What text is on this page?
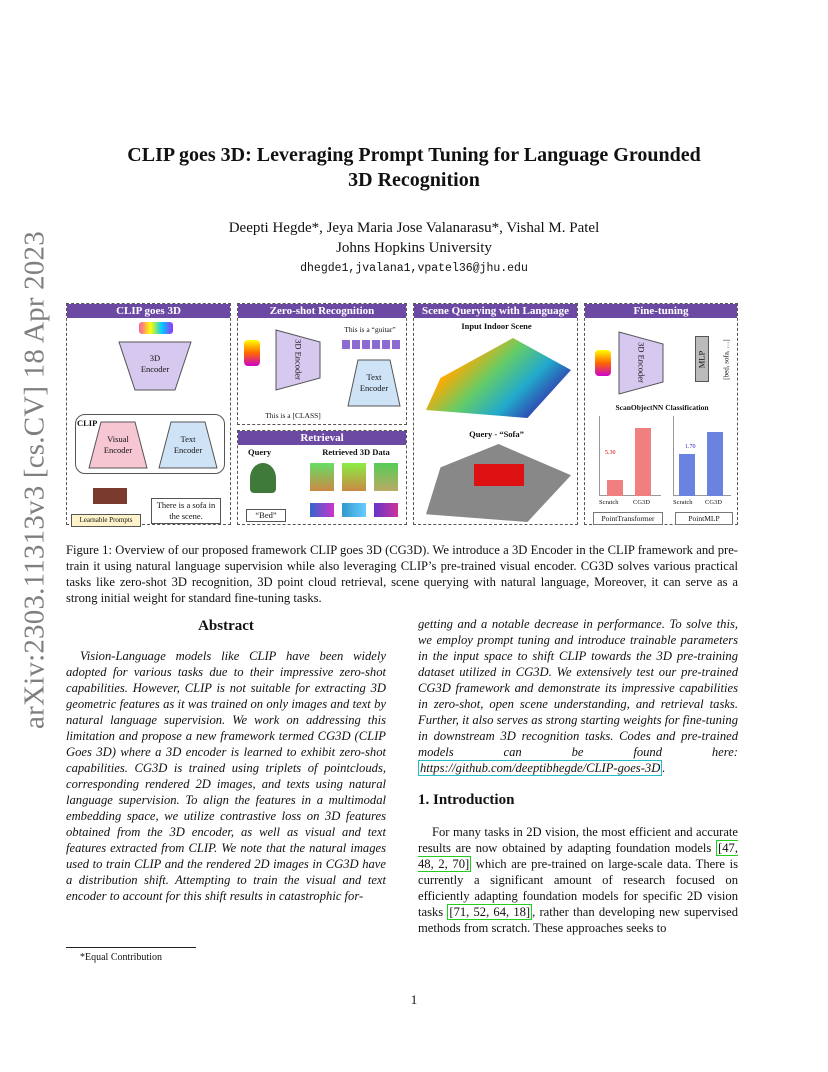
arXiv:2303.11313v3 [cs.CV] 18 Apr 2023
CLIP goes 3D: Leveraging Prompt Tuning for Language Grounded
3D Recognition
Deepti Hegde*, Jeya Maria Jose Valanarasu*, Vishal M. Patel
Johns Hopkins University
dhegde1,jvalana1,vpatel36@jhu.edu
CLIP goes 3D
3D
Encoder
CLIP
Visual
Encoder
Text
Encoder
There is a sofa in the scene.
Learnable Prompts
Zero-shot Recognition
3D Encoder
This is a “guitar”
Text
Encoder
This is a [CLASS]
Retrieval
Query	Retrieved 3D Data
“Bed”
Scene Querying with Language
Input Indoor Scene
Query - “Sofa”
Fine-tuning
3D Encoder	MLP [bed, sofa, …]
ScanObjectNN Classification
5.30
Scratch CG3D
PointTransformer
1.70
Scratch CG3D
PointMLP
Figure 1: Overview of our proposed framework CLIP goes 3D (CG3D). We introduce a 3D Encoder in the CLIP framework and pre-train it using natural language supervision while also leveraging CLIP’s pre-trained visual encoder. CG3D solves various practical tasks like zero-shot 3D recognition, 3D point cloud retrieval, scene querying with natural language, Moreover, it can serve as a strong initial weight for standard fine-tuning tasks.
Abstract

Vision-Language models like CLIP have been widely adopted for various tasks due to their impressive zero-shot capabilities. However, CLIP is not suitable for extracting 3D geometric features as it was trained on only images and text by natural language supervision. We work on addressing this limitation and propose a new framework termed CG3D (CLIP Goes 3D) where a 3D encoder is learned to exhibit zero-shot capabilities. CG3D is trained using triplets of pointclouds, corresponding rendered 2D images, and texts using natural language supervision. To align the features in a multimodal embedding space, we utilize contrastive loss on 3D features obtained from the 3D encoder, as well as visual and text features extracted from CLIP. We note that the natural images used to train CLIP and the rendered 2D images in CG3D have a distribution shift. Attempting to train the visual and text encoder to account for this shift results in catastrophic for-

getting and a notable decrease in performance. To solve this, we employ prompt tuning and introduce trainable parameters in the input space to shift CLIP towards the 3D pre-training dataset utilized in CG3D. We extensively test our pre-trained CG3D framework and demonstrate its impressive capabilities in zero-shot, open scene understanding, and retrieval tasks. Further, it also serves as strong starting weights for fine-tuning in downstream 3D recognition tasks. Codes and pre-trained models can be found here: https://github.com/deeptibhegde/CLIP-goes-3D .

1. Introduction

For many tasks in 2D vision, the most efficient and accurate results are now obtained by adapting foundation models [47, 48, 2, 70] which are pre-trained on large-scale data. There is currently a significant amount of research focused on efficiently adapting foundation models for specific 2D vision tasks [71, 52, 64, 18] , rather than developing new supervised methods from scratch. These approaches seeks to

*Equal Contribution
1
